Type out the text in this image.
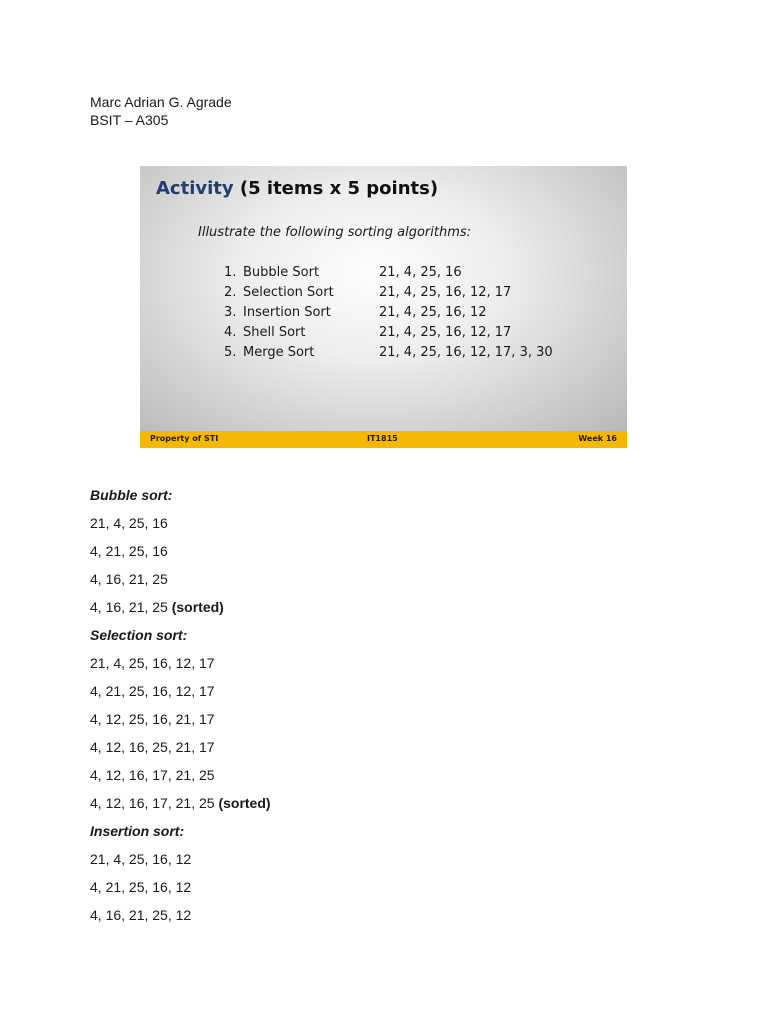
Marc Adrian G. Agrade
BSIT – A305
Activity (5 items x 5 points)
Illustrate the following sorting algorithms:
1. Bubble Sort	21, 4, 25, 16
2. Selection Sort	21, 4, 25, 16, 12, 17
3. Insertion Sort	21, 4, 25, 16, 12
4. Shell Sort	21, 4, 25, 16, 12, 17
5. Merge Sort	21, 4, 25, 16, 12, 17, 3, 30
Property of STI	IT1815	Week 16
Bubble sort:
21, 4, 25, 16
4, 21, 25, 16
4, 16, 21, 25
4, 16, 21, 25 (sorted)
Selection sort:
21, 4, 25, 16, 12, 17
4, 21, 25, 16, 12, 17
4, 12, 25, 16, 21, 17
4, 12, 16, 25, 21, 17
4, 12, 16, 17, 21, 25
4, 12, 16, 17, 21, 25 (sorted)
Insertion sort:
21, 4, 25, 16, 12
4, 21, 25, 16, 12
4, 16, 21, 25, 12
